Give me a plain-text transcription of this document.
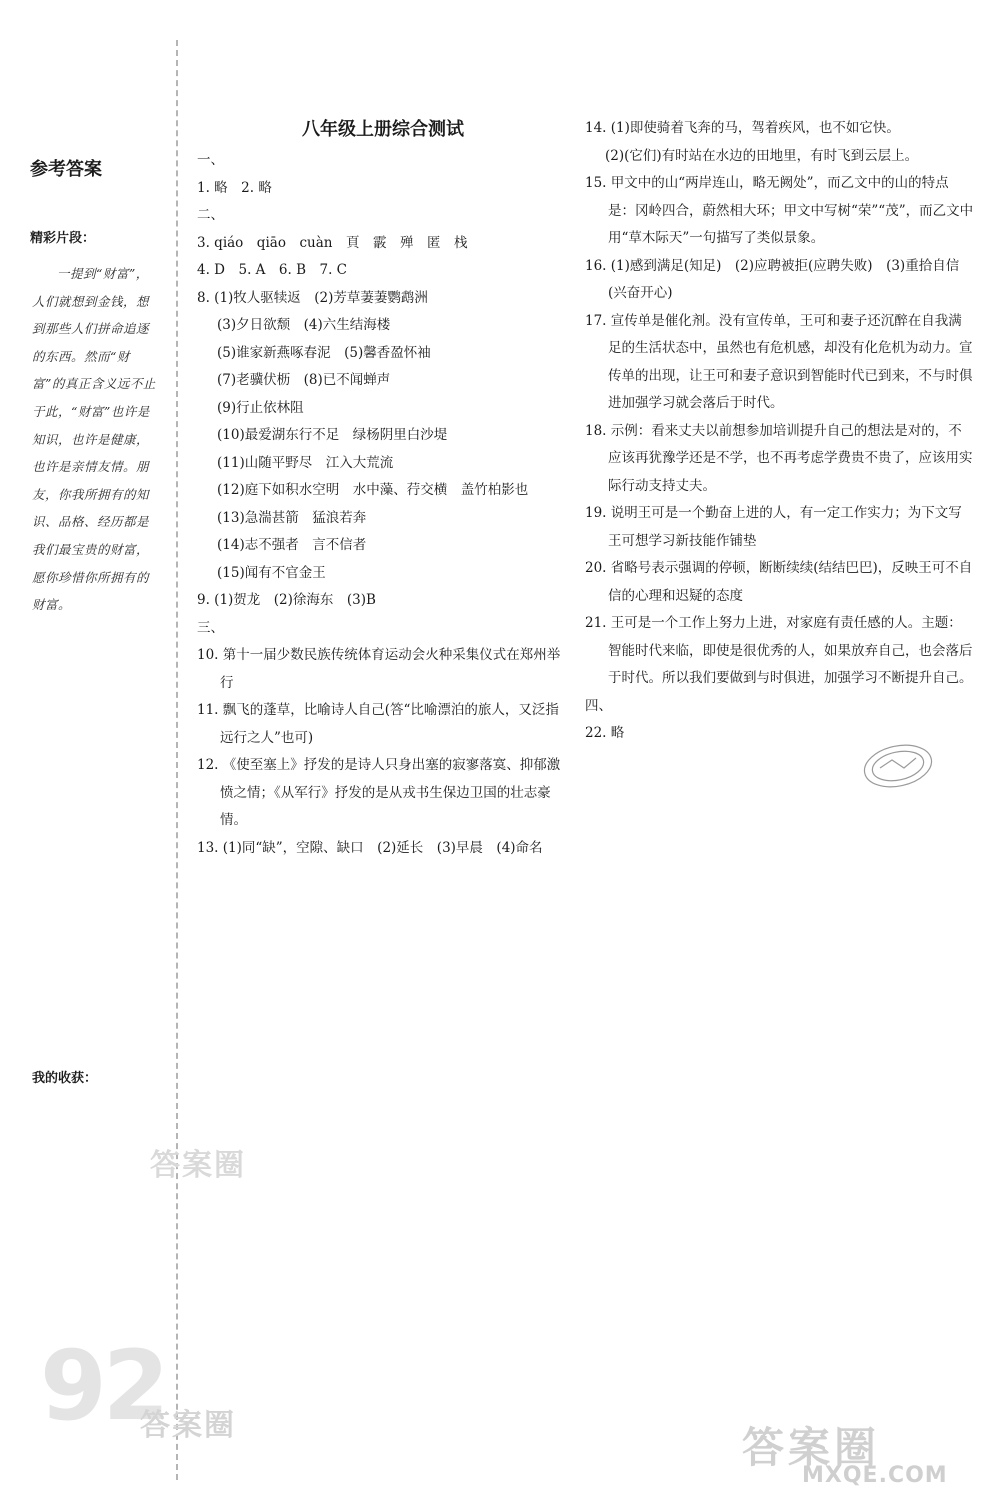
参考答案
精彩片段：

一提到“财富”，人们就想到金钱，想到那些人们拼命追逐的东西。然而“财富”的真正含义远不止于此，“财富”也许是知识，也许是健康，也许是亲情友情。朋友，你我所拥有的知识、品格、经历都是我们最宝贵的财富，愿你珍惜你所拥有的财富。

我的收获：
答案圈
92
答案圈
八年级上册综合测试
一、
1. 略　2. 略
二、
3. qiáo　qiāo　cuàn　頁　霰　殚　匿　栈
4. D　5. A　6. B　7. C
8. (1)牧人驱犊返　(2)芳草萋萋鹦鹉洲
(3)夕日欲颓　(4)六生结海楼
(5)谁家新燕啄春泥　(5)馨香盈怀袖
(7)老骥伏枥　(8)已不闻蝉声
(9)行止依林阻
(10)最爱湖东行不足　绿杨阴里白沙堤
(11)山随平野尽　江入大荒流
(12)庭下如积水空明　水中藻、荇交横　盖竹柏影也
(13)急湍甚箭　猛浪若奔
(14)志不强者　言不信者
(15)闻有不官金王
9. (1)贺龙　(2)徐海东　(3)B
三、
10. 第十一届少数民族传统体育运动会火种采集仪式在郑州举行
11. 飘飞的蓬草，比喻诗人自己(答“比喻漂泊的旅人，又泛指远行之人”也可)
12. 《使至塞上》抒发的是诗人只身出塞的寂寥落寞、抑郁激愤之情；《从军行》抒发的是从戎书生保边卫国的壮志豪情。
13. (1)同“缺”，空隙、缺口　(2)延长　(3)早晨　(4)命名
14. (1)即使骑着飞奔的马，驾着疾风，也不如它快。
(2)(它们)有时站在水边的田地里，有时飞到云层上。
15. 甲文中的山“两岸连山，略无阙处”，而乙文中的山的特点是：冈岭四合，蔚然相大环；甲文中写树“荣”“茂”，而乙文中用“草木际天”一句描写了类似景象。
16. (1)感到满足(知足)　(2)应聘被拒(应聘失败)　(3)重拾自信(兴奋开心)
17. 宣传单是催化剂。没有宣传单，王可和妻子还沉醉在自我满足的生活状态中，虽然也有危机感，却没有化危机为动力。宣传单的出现，让王可和妻子意识到智能时代已到来，不与时俱进加强学习就会落后于时代。
18. 示例：看来丈夫以前想参加培训提升自己的想法是对的，不应该再犹豫学还是不学，也不再考虑学费贵不贵了，应该用实际行动支持丈夫。
19. 说明王可是一个勤奋上进的人，有一定工作实力；为下文写王可想学习新技能作铺垫
20. 省略号表示强调的停顿，断断续续(结结巴巴)，反映王可不自信的心理和迟疑的态度
21. 王可是一个工作上努力上进，对家庭有责任感的人。主题：智能时代来临，即使是很优秀的人，如果放弃自己，也会落后于时代。所以我们要做到与时俱进，加强学习不断提升自己。
四、
22. 略
答案圈
MXQE.COM
